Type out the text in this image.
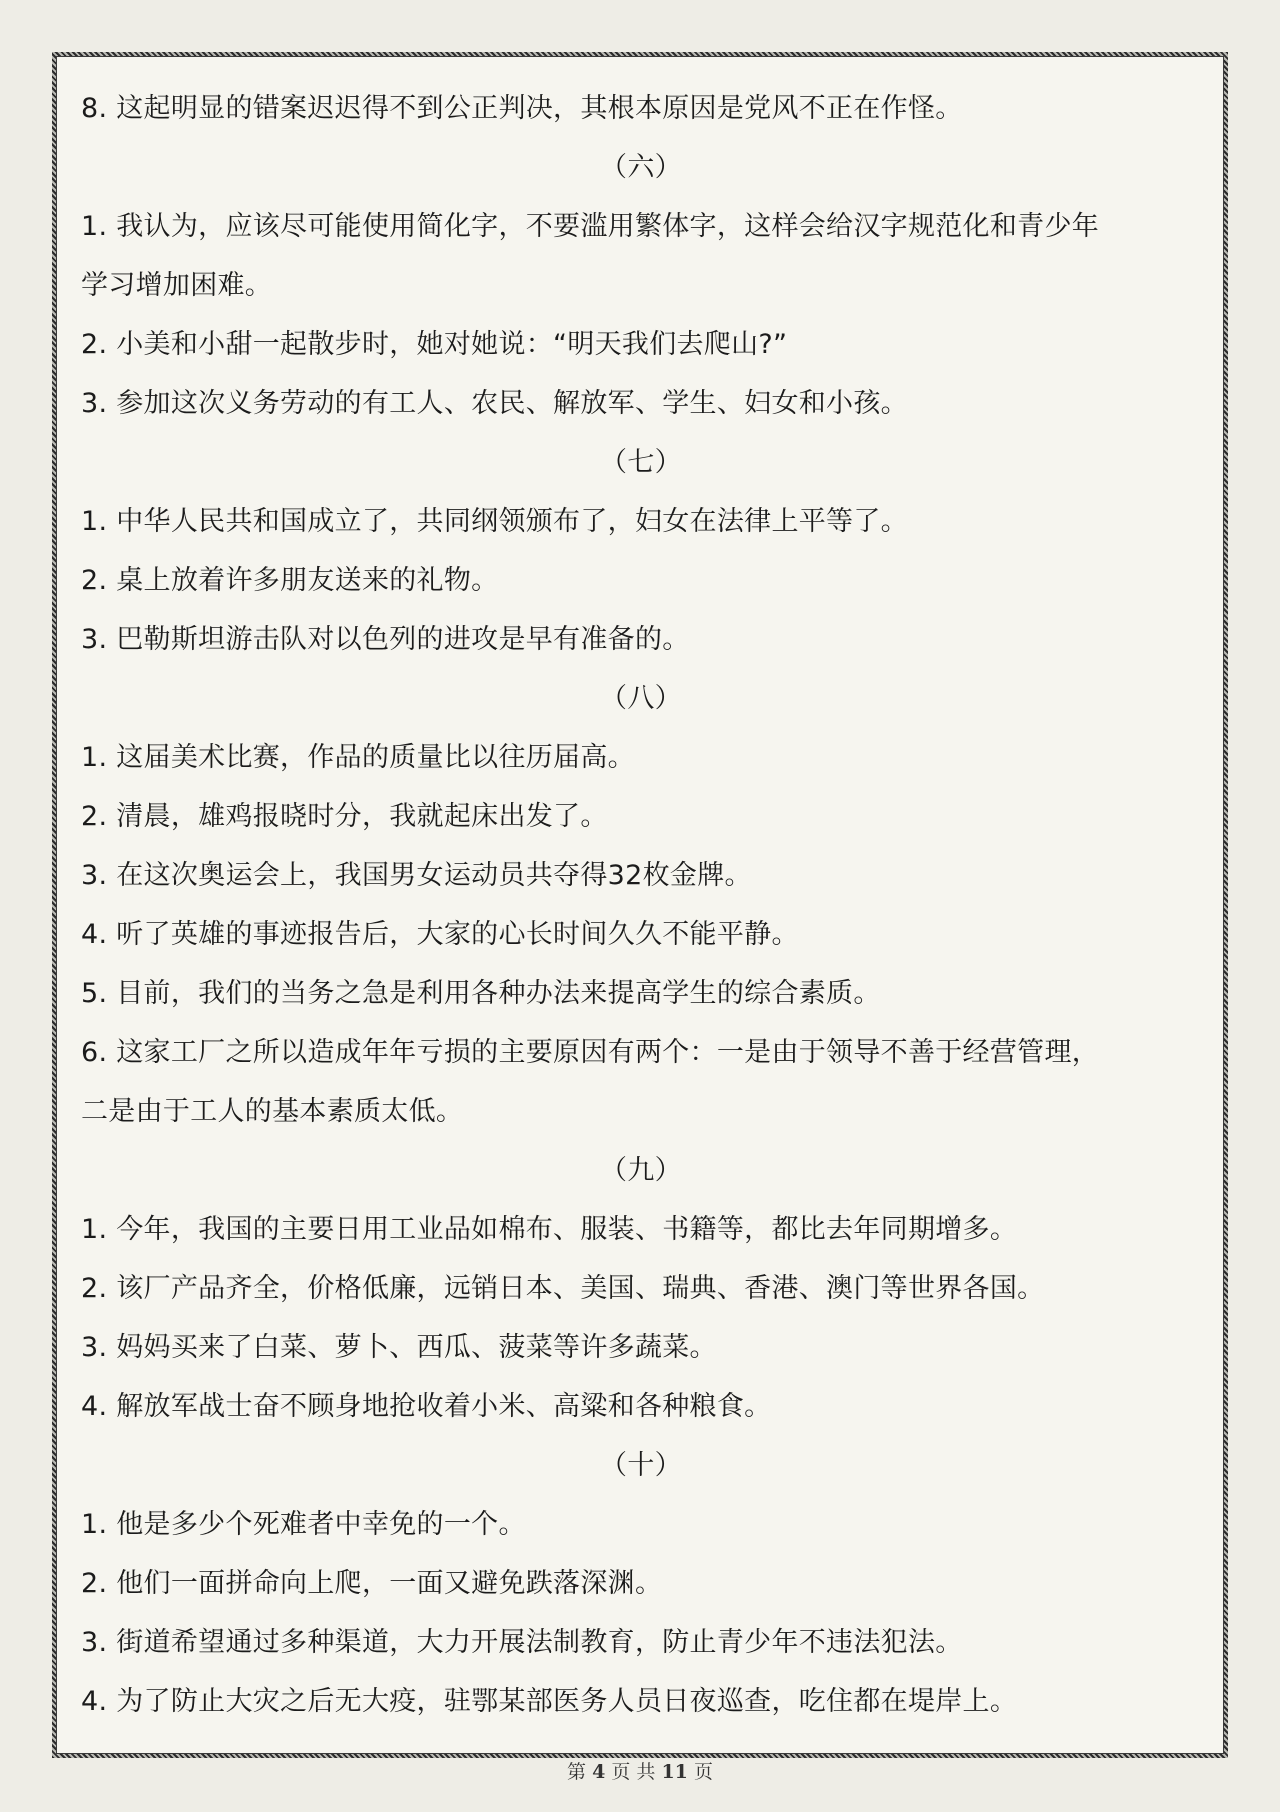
8. 这起明显的错案迟迟得不到公正判决，其根本原因是党风不正在作怪。
（六）
1. 我认为，应该尽可能使用简化字，不要滥用繁体字，这样会给汉字规范化和青少年
学习增加困难。
2. 小美和小甜一起散步时，她对她说：“明天我们去爬山?”
3. 参加这次义务劳动的有工人、农民、解放军、学生、妇女和小孩。
（七）
1. 中华人民共和国成立了，共同纲领颁布了，妇女在法律上平等了。
2. 桌上放着许多朋友送来的礼物。
3. 巴勒斯坦游击队对以色列的进攻是早有准备的。
（八）
1. 这届美术比赛，作品的质量比以往历届高。
2. 清晨，雄鸡报晓时分，我就起床出发了。
3. 在这次奥运会上，我国男女运动员共夺得32枚金牌。
4. 听了英雄的事迹报告后，大家的心长时间久久不能平静。
5. 目前，我们的当务之急是利用各种办法来提高学生的综合素质。
6. 这家工厂之所以造成年年亏损的主要原因有两个：一是由于领导不善于经营管理，
二是由于工人的基本素质太低。
（九）
1. 今年，我国的主要日用工业品如棉布、服装、书籍等，都比去年同期增多。
2. 该厂产品齐全，价格低廉，远销日本、美国、瑞典、香港、澳门等世界各国。
3. 妈妈买来了白菜、萝卜、西瓜、菠菜等许多蔬菜。
4. 解放军战士奋不顾身地抢收着小米、高粱和各种粮食。
（十）
1. 他是多少个死难者中幸免的一个。
2. 他们一面拼命向上爬，一面又避免跌落深渊。
3. 街道希望通过多种渠道，大力开展法制教育，防止青少年不违法犯法。
4. 为了防止大灾之后无大疫，驻鄂某部医务人员日夜巡查，吃住都在堤岸上。
第 4 页 共 11 页
